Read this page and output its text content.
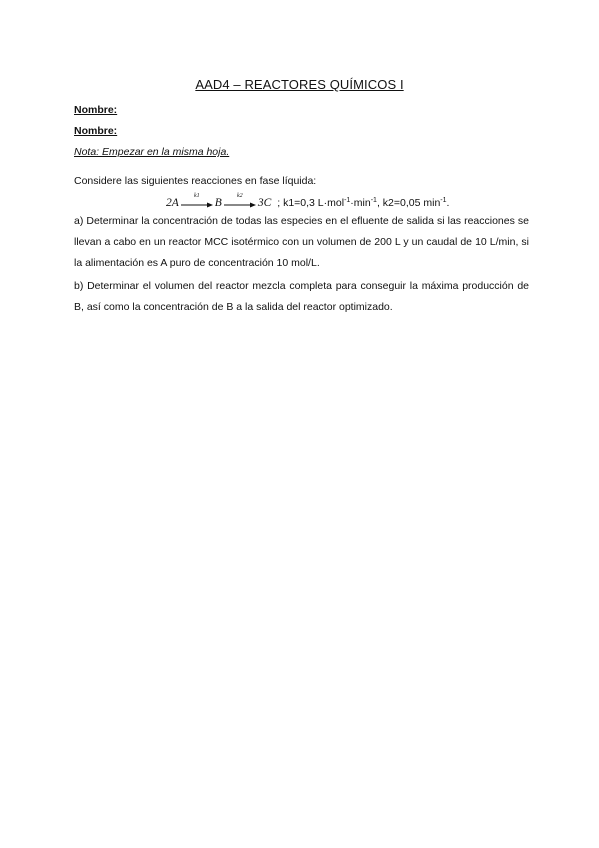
AAD4 – REACTORES QUÍMICOS I
Nombre:
Nombre:
Nota: Empezar en la misma hoja.
Considere las siguientes reacciones en fase líquida:
2A
k1
B
k2
3C ; k1=0,3 $L\cdot mol^{-1}\cdot\min^{-1}$, k2=0,05 $\min^{-1}$.
a) Determinar la concentración de todas las especies en el efluente de salida si las reacciones se llevan a cabo en un reactor MCC isotérmico con un volumen de 200 L y un caudal de 10 L/min, si la alimentación es A puro de concentración 10 mol/L.
b) Determinar el volumen del reactor mezcla completa para conseguir la máxima producción de B, así como la concentración de B a la salida del reactor optimizado.
